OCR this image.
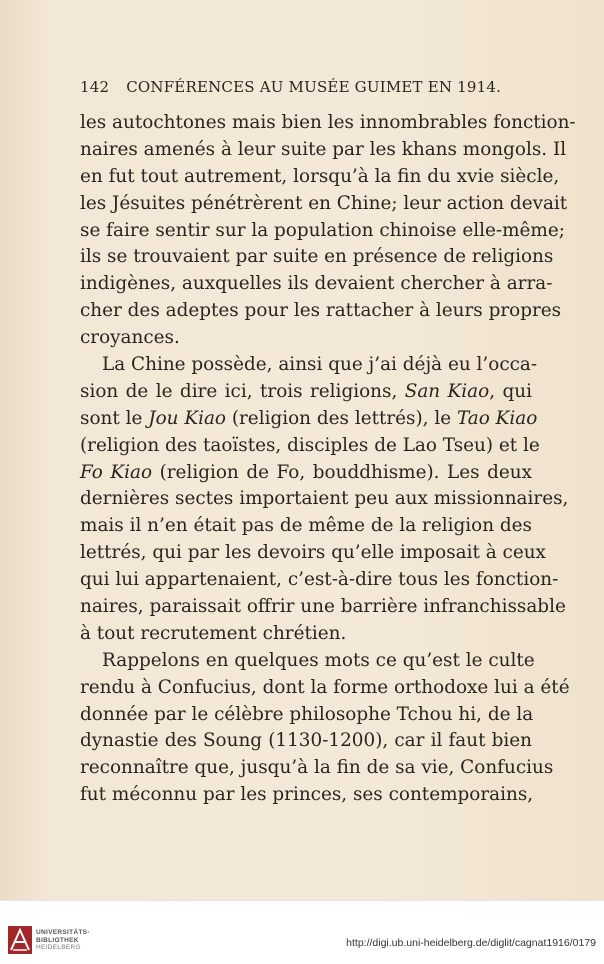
142 CONFÉRENCES AU MUSÉE GUIMET EN 1914.
les autochtones mais bien les innombrables fonction-
naires amenés à leur suite par les khans mongols. Il
en fut tout autrement, lorsqu’à la fin du xvie siècle,
les Jésuites pénétrèrent en Chine; leur action devait
se faire sentir sur la population chinoise elle-même;
ils se trouvaient par suite en présence de religions
indigènes, auxquelles ils devaient chercher à arra-
cher des adeptes pour les rattacher à leurs propres
croyances.
La Chine possède, ainsi que j’ai déjà eu l’occa-
sion de le dire ici, trois religions, San Kiao, qui
sont le Jou Kiao (religion des lettrés), le Tao Kiao
(religion des taoïstes, disciples de Lao Tseu) et le
Fo Kiao (religion de Fo, bouddhisme). Les deux
dernières sectes importaient peu aux missionnaires,
mais il n’en était pas de même de la religion des
lettrés, qui par les devoirs qu’elle imposait à ceux
qui lui appartenaient, c’est-à-dire tous les fonction-
naires, paraissait offrir une barrière infranchissable
à tout recrutement chrétien.
Rappelons en quelques mots ce qu’est le culte
rendu à Confucius, dont la forme orthodoxe lui a été
donnée par le célèbre philosophe Tchou hi, de la
dynastie des Soung (1130-1200), car il faut bien
reconnaître que, jusqu’à la fin de sa vie, Confucius
fut méconnu par les princes, ses contemporains,
UNIVERSITÄTS-
BIBLIOTHEK
HEIDELBERG	http://digi.ub.uni-heidelberg.de/diglit/cagnat1916/0179
